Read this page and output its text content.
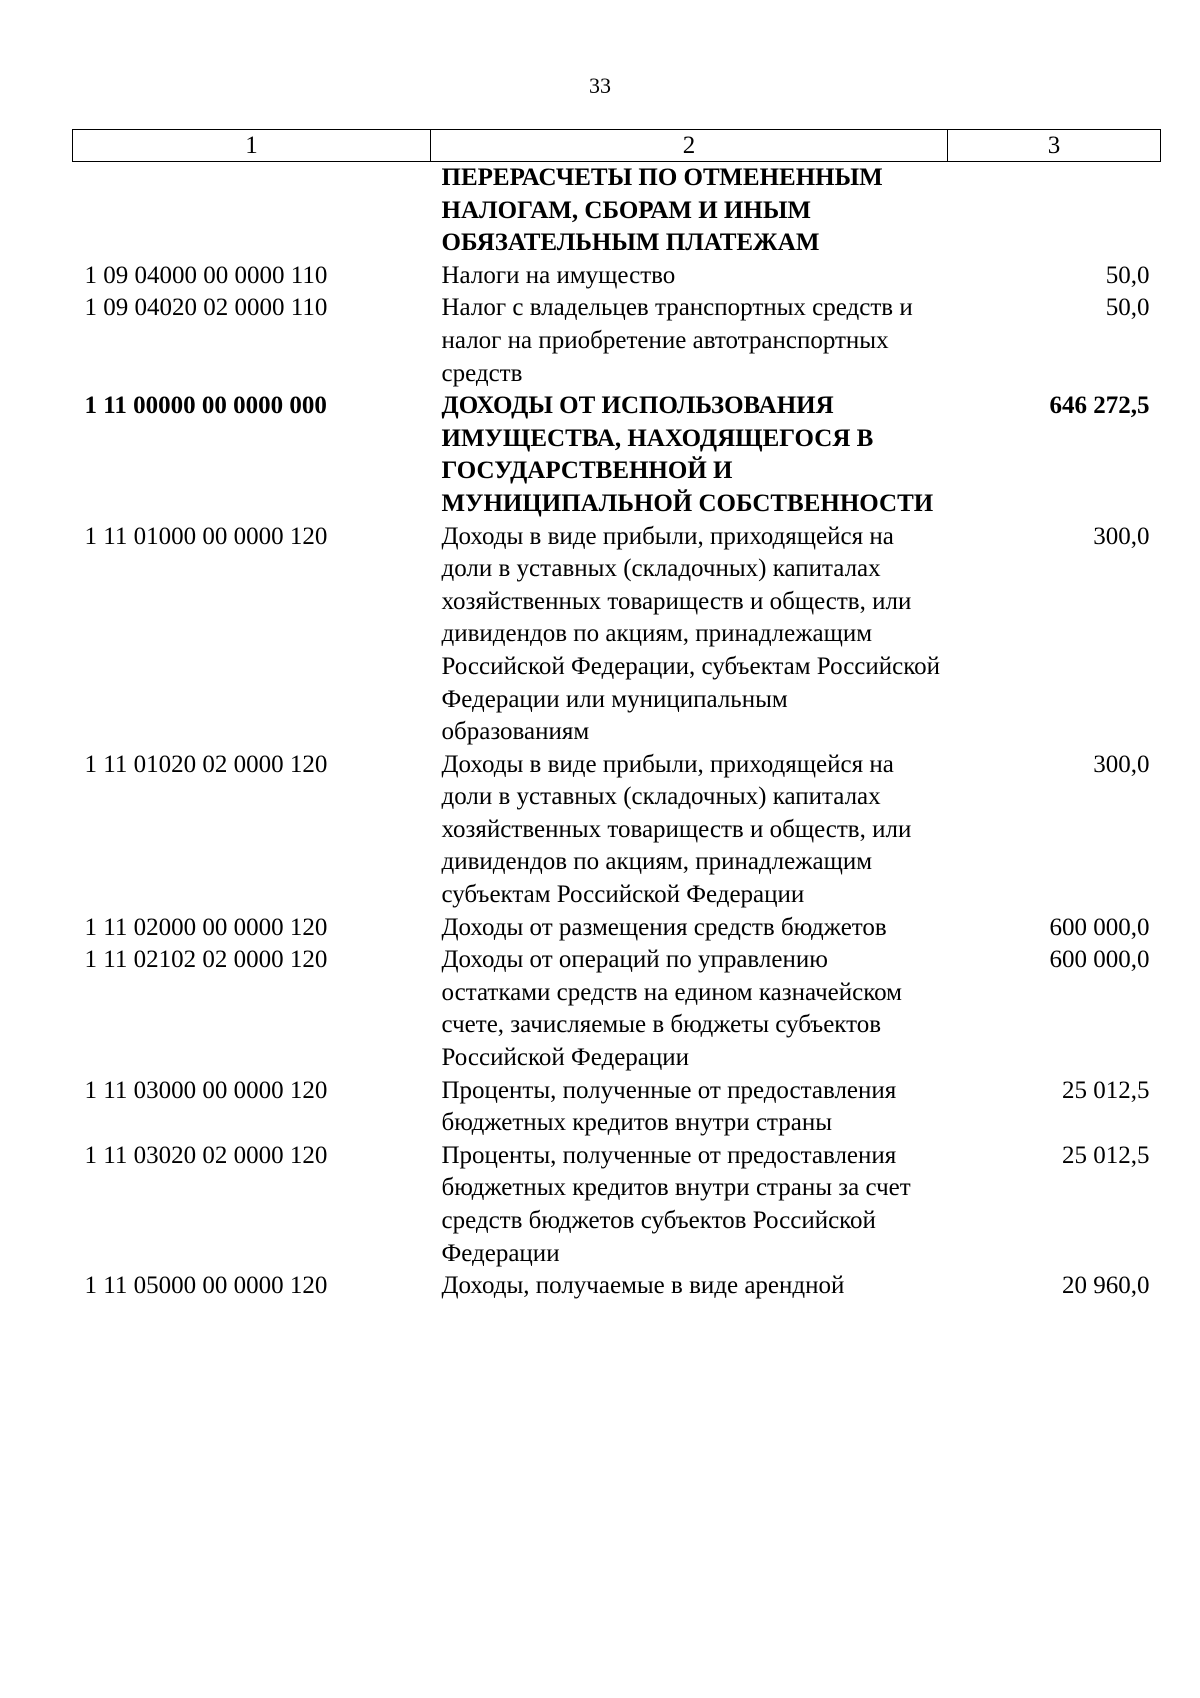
33
1	2	3
	ПЕРЕРАСЧЕТЫ ПО ОТМЕНЕННЫМ НАЛОГАМ, СБОРАМ И ИНЫМ ОБЯЗАТЕЛЬНЫМ ПЛАТЕЖАМ	
1 09 04000 00 0000 110	Налоги на имущество	50,0
1 09 04020 02 0000 110	Налог с владельцев транспортных средств и налог на приобретение автотранспортных средств	50,0
1 11 00000 00 0000 000	ДОХОДЫ ОТ ИСПОЛЬЗОВАНИЯ ИМУЩЕСТВА, НАХОДЯЩЕГОСЯ В ГОСУДАРСТВЕННОЙ И МУНИЦИПАЛЬНОЙ СОБСТВЕННОСТИ	646 272,5
1 11 01000 00 0000 120	Доходы в виде прибыли, приходящейся на доли в уставных (складочных) капиталах хозяйственных товариществ и обществ, или дивидендов по акциям, принадлежащим Российской Федерации, субъектам Российской Федерации или муниципальным образованиям	300,0
1 11 01020 02 0000 120	Доходы в виде прибыли, приходящейся на доли в уставных (складочных) капиталах хозяйственных товариществ и обществ, или дивидендов по акциям, принадлежащим субъектам Российской Федерации	300,0
1 11 02000 00 0000 120	Доходы от размещения средств бюджетов	600 000,0
1 11 02102 02 0000 120	Доходы от операций по управлению остатками средств на едином казначейском счете, зачисляемые в бюджеты субъектов Российской Федерации	600 000,0
1 11 03000 00 0000 120	Проценты, полученные от предоставления бюджетных кредитов внутри страны	25 012,5
1 11 03020 02 0000 120	Проценты, полученные от предоставления бюджетных кредитов внутри страны за счет средств бюджетов субъектов Российской Федерации	25 012,5
1 11 05000 00 0000 120	Доходы, получаемые в виде арендной	20 960,0
